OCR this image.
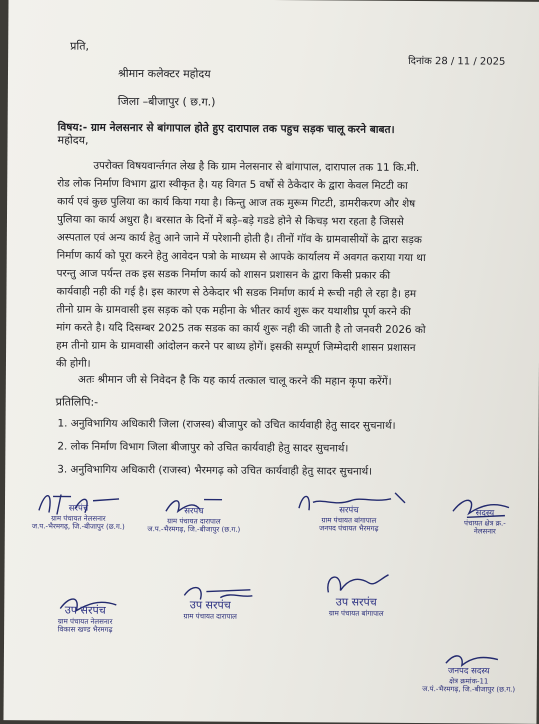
प्रति,
दिनांक 28 / 11 / 2025
श्रीमान कलेक्टर महोदय
जिला –बीजापुर ( छ.ग.)
विषय:- ग्राम नेलसनार से बांगापाल होते हुए दारापाल तक पहुच सड़क चालू करने बाबत।
महोदय,
उपरोक्त विषयवार्न्तगत लेख है कि ग्राम नेलसनार से बांगापाल, दारापाल तक 11 कि.मी.
रोड लोक निर्माण विभाग द्वारा स्वीकृत है। यह विगत 5 वर्षो से ठेकेदार के द्वारा केवल मिटटी का
कार्य एवं कुछ पुलिया का कार्य किया गया है। किन्तु आज तक मुरूम गिटटी, डामरीकरण और शेष
पुलिया का कार्य अधुरा है। बरसात के दिनों में बड़े–बड़े गडडे होने से किचड़ भरा रहता है जिससे
अस्पताल एवं अन्य कार्य हेतु आने जाने में परेशानी होती है। तीनों गॉव के ग्रामवासीयों के द्वारा सड़क
निर्माण कार्य को पूरा करने हेतु आवेदन पत्रो के माध्यम से आपके कार्यालय में अवगत कराया गया था
परन्तु आज पर्यन्त तक इस सडक निर्माण कार्य को शासन प्रशासन के द्वारा किसी प्रकार की
कार्यवाही नही की गई है। इस कारण से ठेकेदार भी सडक निर्माण कार्य मे रूची नही ले रहा है। हम
तीनो ग्राम के ग्रामवासी इस सड़क को एक महीना के भीतर कार्य शुरू कर यथाशीघ्र पूर्ण करने की
मांग करते है। यदि दिसम्बर 2025 तक सडक का कार्य शुरू नही की जाती है तो जनवरी 2026 को
हम तीनो ग्राम के ग्रामवासी आंदोलन करने पर बाध्य होगें। इसकी सम्पूर्ण जिम्मेदारी शासन प्रशासन
की होगी।
अतः श्रीमान जी से निवेदन है कि यह कार्य तत्काल चालू करने की महान कृपा करेंगें।
प्रतिलिपि:-
1. अनुविभागिय अधिकारी जिला (राजस्व) बीजापुर को उचित कार्यवाही हेतु सादर सुचनार्थ।
2. लोक निर्माण विभाग जिला बीजापुर को उचित कार्यवाही हेतु सादर सुचनार्थ।
3. अनुविभागिय अधिकारी (राजस्व) भैरमगढ़ को उचित कार्यवाही हेतु सादर सुचनार्थ।
सरपंच
ग्राम पंचायत नेलसनार
ज.प.-भैरमगढ़, जि.-बीजापुर (छ.ग.)
सरपंच
ग्राम पंचायत दारापाल
ज.प.-भैरमगढ़, जि.-बीजापुर (छ.ग.)
सरपंच
ग्राम पंचायत बांगापाल
जनपद पंचायत भैरमगढ़
सदस्य
पंचायत क्षेत्र क्र.-
नेलसनार
उप सरपंच
ग्राम पंचायत नेलसनार
विकास खण्ड भैरमगढ़
उप सरपंच
ग्राम पंचायत दारापाल
उप सरपंच
ग्राम पंचायत बांगापाल
जनपद सदस्य
क्षेत्र क्रमांक-11
ज.पं.-भैरमगढ़, जि.-बीजापुर (छ.ग.)
